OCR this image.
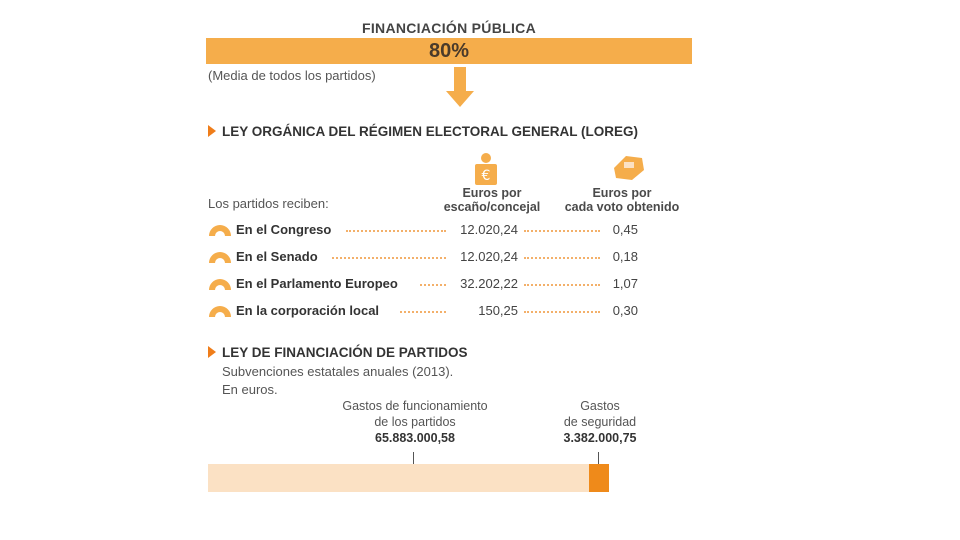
FINANCIACIÓN PÚBLICA
80%
(Media de todos los partidos)
LEY ORGÁNICA DEL RÉGIMEN ELECTORAL GENERAL (LOREG)
€
Euros por
escaño/concejal
Euros por
cada voto obtenido
Los partidos reciben:
En el Congreso	12.020,24	0,45
En el Senado	12.020,24	0,18
En el Parlamento Europeo	32.202,22	1,07
En la corporación local	150,25	0,30
LEY DE FINANCIACIÓN DE PARTIDOS
Subvenciones estatales anuales (2013).
En euros.
Gastos de funcionamiento
de los partidos
65.883.000,58
Gastos
de seguridad
3.382.000,75
